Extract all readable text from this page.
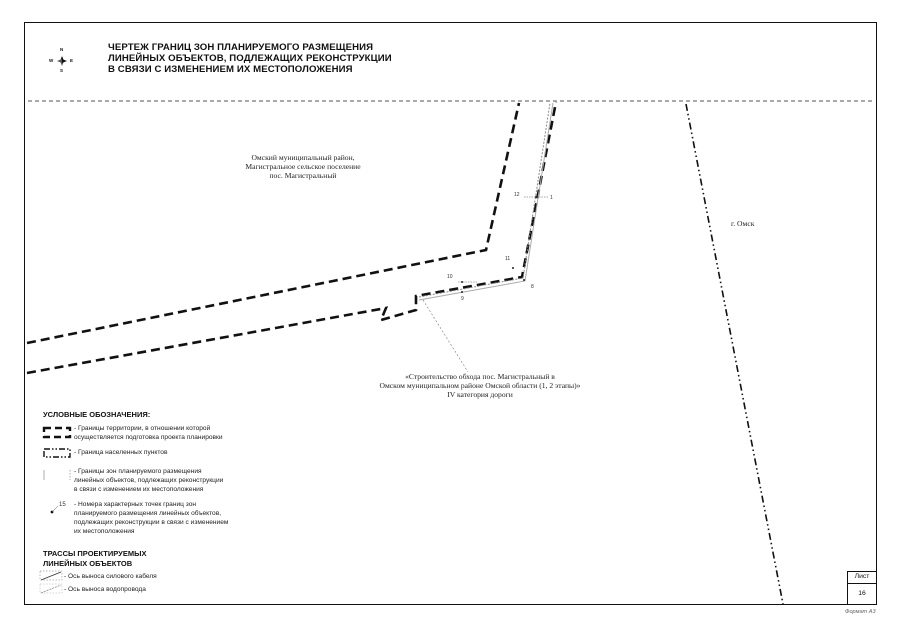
N
S
W	E
ЧЕРТЕЖ ГРАНИЦ ЗОН ПЛАНИРУЕМОГО РАЗМЕЩЕНИЯ
ЛИНЕЙНЫХ ОБЪЕКТОВ, ПОДЛЕЖАЩИХ РЕКОНСТРУКЦИИ
В СВЯЗИ С ИЗМЕНЕНИЕМ ИХ МЕСТОПОЛОЖЕНИЯ
Омский муниципальный район,
Магистральное сельское поселение
пос. Магистральный
г. Омск
«Строительство обхода пос. Магистральный в
Омском муниципальном районе Омской области (1, 2 этапы)»
IV категория дороги
12	1
11
10
9
8
УСЛОВНЫЕ ОБОЗНАЧЕНИЯ:
- Границы территории, в отношении которой
осуществляется подготовка проекта планировки
- Граница населенных пунктов
- Границы зон планируемого размещения
линейных объектов, подлежащих реконструкции
в связи с изменением их местоположения
15 - Номера характерных точек границ зон
планируемого размещения линейных объектов,
подлежащих реконструкции в связи с изменением
их местоположения
ТРАССЫ ПРОЕКТИРУЕМЫХ
ЛИНЕЙНЫХ ОБЪЕКТОВ
- Ось выноса силового кабеля
- Ось выноса водопровода
Лист
16
Формат А3
